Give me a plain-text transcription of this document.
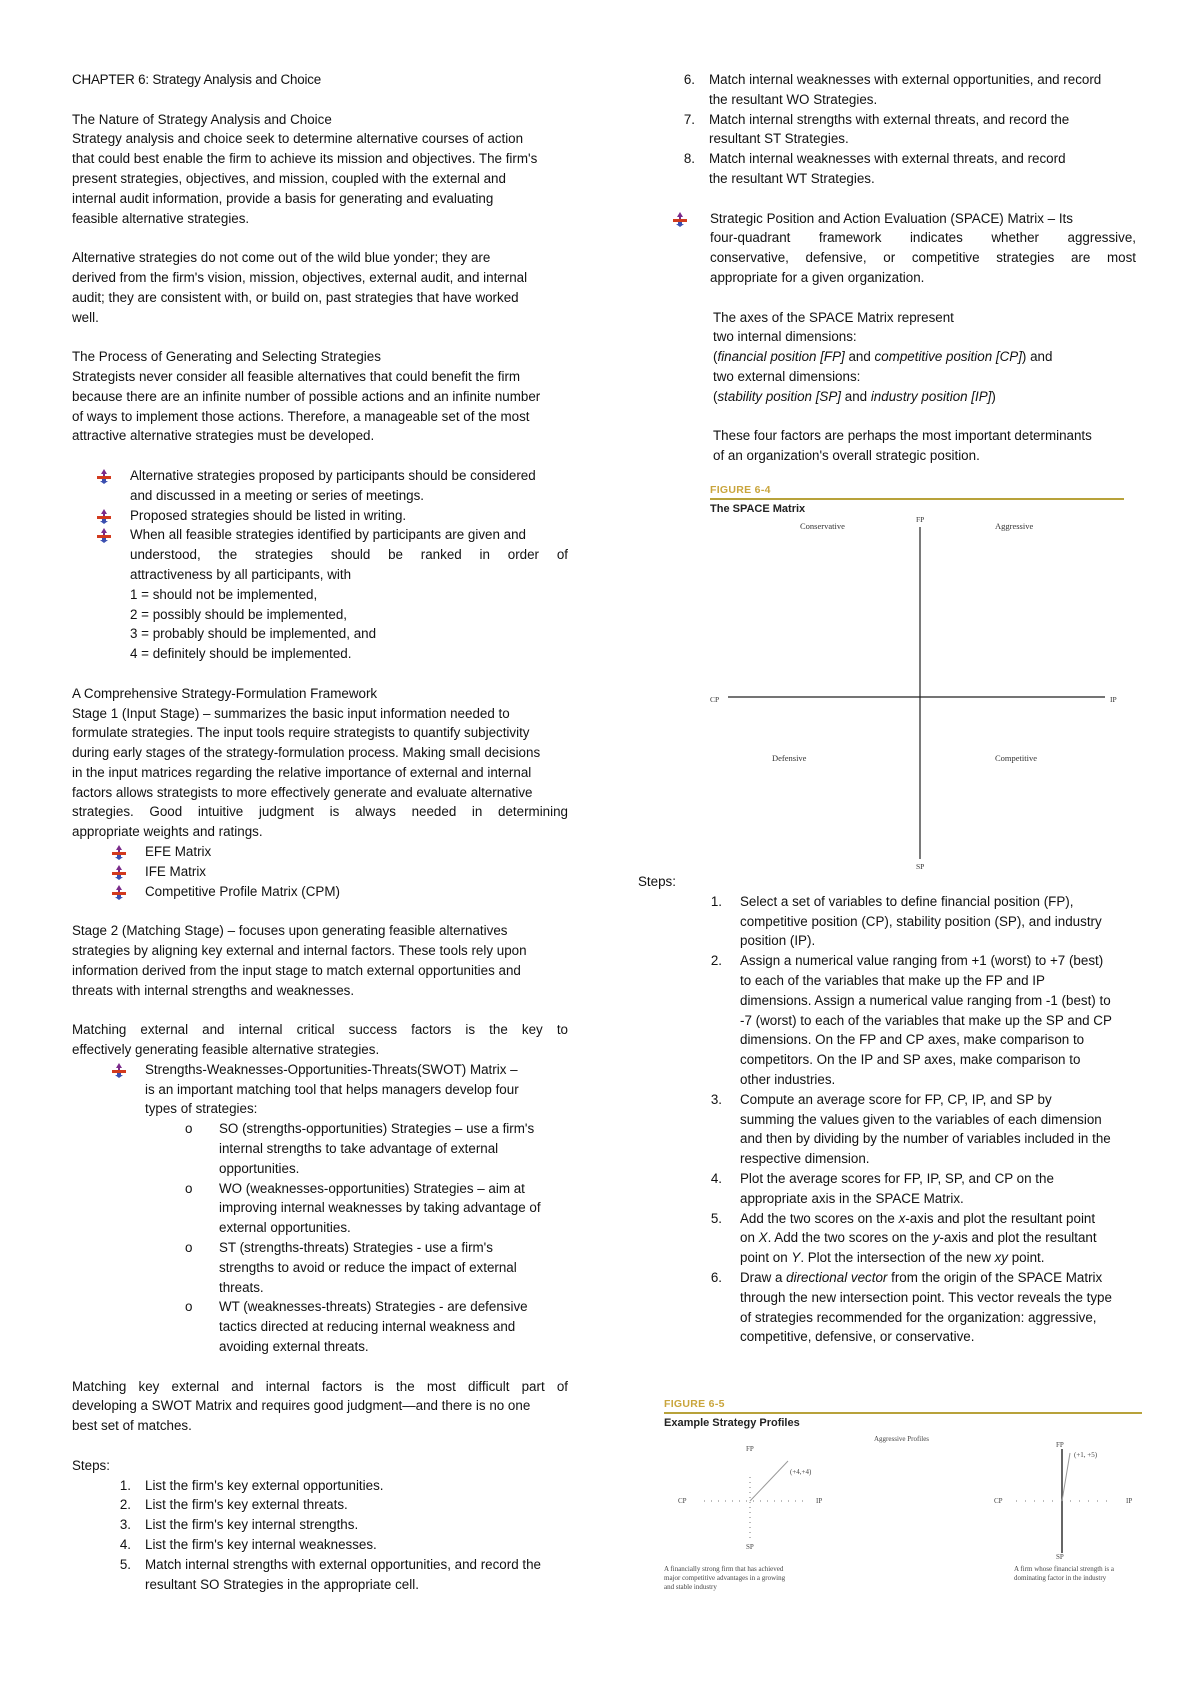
CHAPTER 6: Strategy Analysis and Choice

The Nature of Strategy Analysis and Choice

Strategy analysis and choice seek to determine alternative courses of action
that could best enable the firm to achieve its mission and objectives. The firm's
present strategies, objectives, and mission, coupled with the external and
internal audit information, provide a basis for generating and evaluating
feasible alternative strategies.
Alternative strategies do not come out of the wild blue yonder; they are
derived from the firm's vision, mission, objectives, external audit, and internal
audit; they are consistent with, or build on, past strategies that have worked
well.

The Process of Generating and Selecting Strategies

Strategists never consider all feasible alternatives that could benefit the firm
because there are an infinite number of possible actions and an infinite number
of ways to implement those actions. Therefore, a manageable set of the most
attractive alternative strategies must be developed.
Alternative strategies proposed by participants should be considered
and discussed in a meeting or series of meetings.
Proposed strategies should be listed in writing.
When all feasible strategies identified by participants are given and
understood, the strategies should be ranked in order of
attractiveness by all participants, with
1 = should not be implemented,
2 = possibly should be implemented,
3 = probably should be implemented, and
4 = definitely should be implemented.

A Comprehensive Strategy-Formulation Framework

Stage 1 (Input Stage) – summarizes the basic input information needed to
formulate strategies. The input tools require strategists to quantify subjectivity
during early stages of the strategy-formulation process. Making small decisions
in the input matrices regarding the relative importance of external and internal
factors allows strategists to more effectively generate and evaluate alternative
strategies. Good intuitive judgment is always needed in determining
appropriate weights and ratings.
EFE Matrix
IFE Matrix
Competitive Profile Matrix (CPM)
Stage 2 (Matching Stage) – focuses upon generating feasible alternatives
strategies by aligning key external and internal factors. These tools rely upon
information derived from the input stage to match external opportunities and
threats with internal strengths and weaknesses.
Matching external and internal critical success factors is the key to
effectively generating feasible alternative strategies.
Strengths-Weaknesses-Opportunities-Threats(SWOT) Matrix –
is an important matching tool that helps managers develop four
types of strategies:
o SO (strengths-opportunities) Strategies – use a firm's
internal strengths to take advantage of external
opportunities.
o WO (weaknesses-opportunities) Strategies – aim at
improving internal weaknesses by taking advantage of
external opportunities.
o ST (strengths-threats) Strategies - use a firm's
strengths to avoid or reduce the impact of external
threats.
o WT (weaknesses-threats) Strategies - are defensive
tactics directed at reducing internal weakness and
avoiding external threats.
Matching key external and internal factors is the most difficult part of
developing a SWOT Matrix and requires good judgment—and there is no one
best set of matches.

Steps:

1. List the firm's key external opportunities.
2. List the firm's key external threats.
3. List the firm's key internal strengths.
4. List the firm's key internal weaknesses.
5. Match internal strengths with external opportunities, and record the
resultant SO Strategies in the appropriate cell.
6. Match internal weaknesses with external opportunities, and record
the resultant WO Strategies.
7. Match internal strengths with external threats, and record the
resultant ST Strategies.
8. Match internal weaknesses with external threats, and record
the resultant WT Strategies.
Strategic Position and Action Evaluation (SPACE) Matrix – Its
four-quadrant framework indicates whether aggressive,
conservative, defensive, or competitive strategies are most
appropriate for a given organization.
The axes of the SPACE Matrix represent
two internal dimensions:
(financial position [FP] and competitive position [CP]) and
two external dimensions:
(stability position [SP] and industry position [IP])
These four factors are perhaps the most important determinants
of an organization's overall strategic position.
FIGURE 6-4
The SPACE Matrix
Conservative	Aggressive
FP
SP
CP	IP
Defensive	Competitive

Steps:

1. Select a set of variables to define financial position (FP),
competitive position (CP), stability position (SP), and industry
position (IP).
2. Assign a numerical value ranging from +1 (worst) to +7 (best)
to each of the variables that make up the FP and IP
dimensions. Assign a numerical value ranging from -1 (best) to
-7 (worst) to each of the variables that make up the SP and CP
dimensions. On the FP and CP axes, make comparison to
competitors. On the IP and SP axes, make comparison to
other industries.
3. Compute an average score for FP, CP, IP, and SP by
summing the values given to the variables of each dimension
and then by dividing by the number of variables included in the
respective dimension.
4. Plot the average scores for FP, IP, SP, and CP on the
appropriate axis in the SPACE Matrix.
5. Add the two scores on the x-axis and plot the resultant point
on X. Add the two scores on the y-axis and plot the resultant
point on Y. Plot the intersection of the new xy point.
6. Draw a directional vector from the origin of the SPACE Matrix
through the new intersection point. This vector reveals the type
of strategies recommended for the organization: aggressive,
competitive, defensive, or conservative.
FIGURE 6-5
Example Strategy Profiles
Aggressive Profiles
FP
SP
CP	IP
(+4,+4)
A financially strong firm that has achieved
major competitive advantages in a growing
and stable industry
FP
SP
CP	IP
(+1, +5)
A firm whose financial strength is a
dominating factor in the industry
